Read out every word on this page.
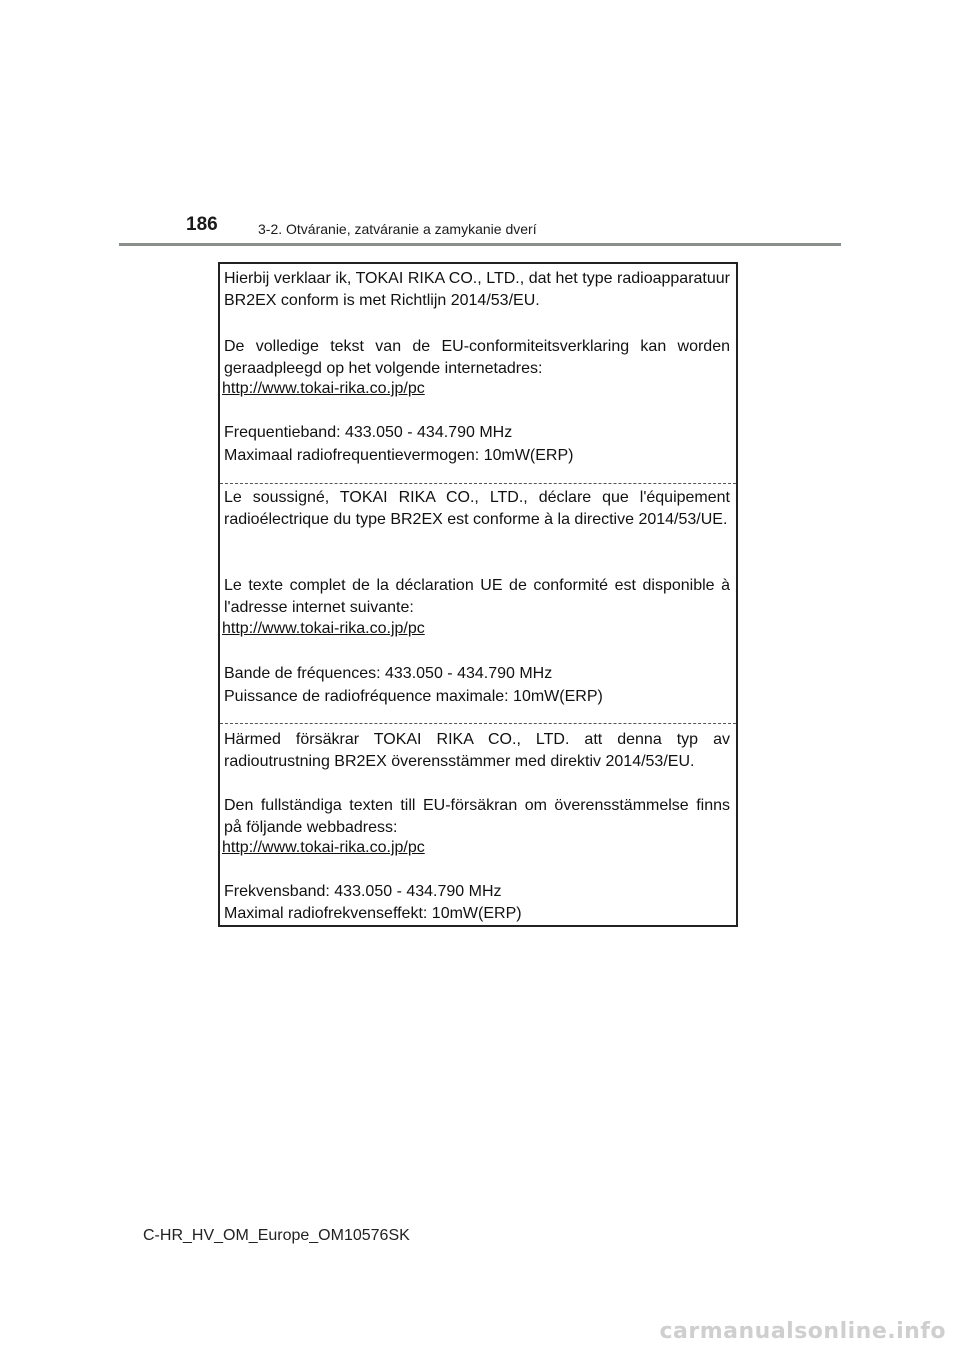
186	3-2. Otváranie, zatváranie a zamykanie dverí

Hierbij verklaar ik, TOKAI RIKA CO., LTD., dat het type radioapparatuur BR2EX conform is met Richtlijn 2014/53/EU.

De volledige tekst van de EU-conformiteitsverklaring kan worden geraadpleegd op het volgende internetadres:

http://www.tokai-rika.co.jp/pc

Frequentieband: 433.050 - 434.790 MHz

Maximaal radiofrequentievermogen: 10mW(ERP)

Le soussigné, TOKAI RIKA CO., LTD., déclare que l'équipement radioélectrique du type BR2EX est conforme à la directive 2014/53/UE.

Le texte complet de la déclaration UE de conformité est disponible à l'adresse internet suivante:

http://www.tokai-rika.co.jp/pc

Bande de fréquences: 433.050 - 434.790 MHz

Puissance de radiofréquence maximale: 10mW(ERP)

Härmed försäkrar TOKAI RIKA CO., LTD. att denna typ av radioutrustning BR2EX överensstämmer med direktiv 2014/53/EU.

Den fullständiga texten till EU-försäkran om överensstämmelse finns på följande webbadress:

http://www.tokai-rika.co.jp/pc

Frekvensband: 433.050 - 434.790 MHz

Maximal radiofrekvenseffekt: 10mW(ERP)

C-HR_HV_OM_Europe_OM10576SK
carmanualsonline.info
